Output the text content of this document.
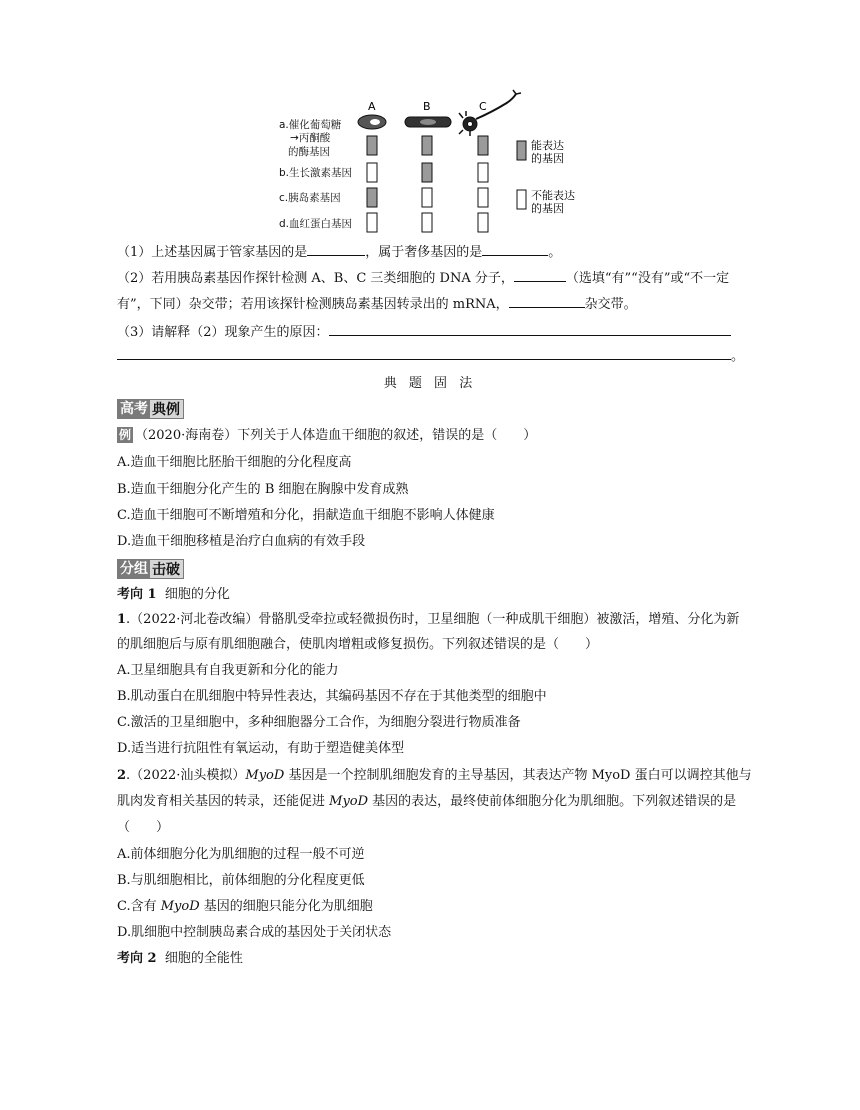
A	B	C
a.催化葡萄糖
→丙酮酸
的酶基因
b.生长激素基因
c.胰岛素基因
d.血红蛋白基因
能表达
的基因
不能表达
的基因
（1）上述基因属于管家基因的是	，属于奢侈基因的是	。
（2）若用胰岛素基因作探针检测 A、B、C 三类细胞的 DNA 分子，	（选填“有”“没有”或“不一定
有”，下同）杂交带；若用该探针检测胰岛素基因转录出的 mRNA，	杂交带。
（3）请解释（2）现象产生的原因：
。
典 题 固 法
高考 典例
例 （2020·海南卷）下列关于人体造血干细胞的叙述，错误的是（　　）
A.造血干细胞比胚胎干细胞的分化程度高
B.造血干细胞分化产生的 B 细胞在胸腺中发育成熟
C.造血干细胞可不断增殖和分化，捐献造血干细胞不影响人体健康
D.造血干细胞移植是治疗白血病的有效手段
分组 击破
考向 1 细胞的分化
1.（2022·河北卷改编）骨骼肌受牵拉或轻微损伤时，卫星细胞（一种成肌干细胞）被激活，增殖、分化为新
的肌细胞后与原有肌细胞融合，使肌肉增粗或修复损伤。下列叙述错误的是（　　）
A.卫星细胞具有自我更新和分化的能力
B.肌动蛋白在肌细胞中特异性表达，其编码基因不存在于其他类型的细胞中
C.激活的卫星细胞中，多种细胞器分工合作，为细胞分裂进行物质准备
D.适当进行抗阻性有氧运动，有助于塑造健美体型
2.（2022·汕头模拟）MyoD 基因是一个控制肌细胞发育的主导基因，其表达产物 MyoD 蛋白可以调控其他与
肌肉发育相关基因的转录，还能促进 MyoD 基因的表达，最终使前体细胞分化为肌细胞。下列叙述错误的是
（　　）
A.前体细胞分化为肌细胞的过程一般不可逆
B.与肌细胞相比，前体细胞的分化程度更低
C.含有 MyoD 基因的细胞只能分化为肌细胞
D.肌细胞中控制胰岛素合成的基因处于关闭状态
考向 2 细胞的全能性
